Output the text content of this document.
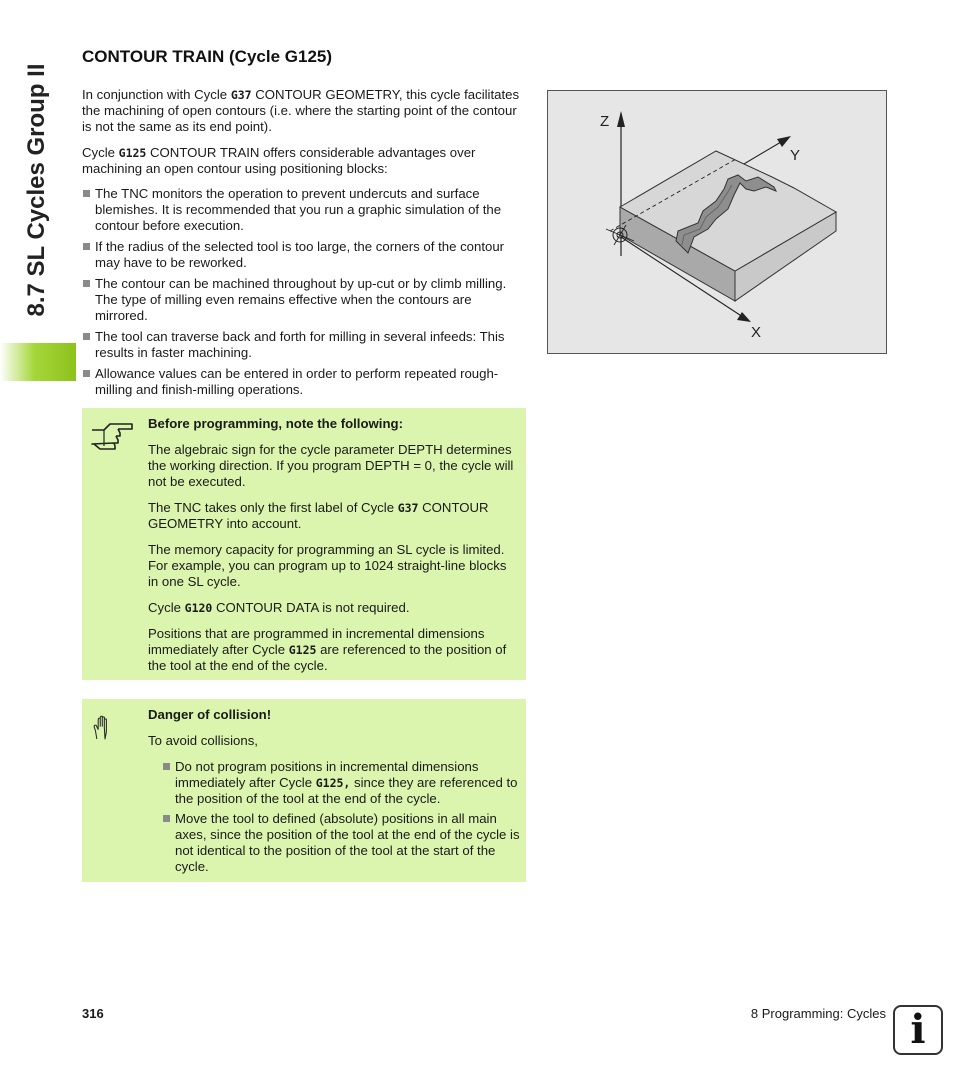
8.7 SL Cycles Group II
CONTOUR TRAIN (Cycle G125)

In conjunction with Cycle G37 CONTOUR GEOMETRY, this cycle facilitates the machining of open contours (i.e. where the starting point of the contour is not the same as its end point).

Cycle G125 CONTOUR TRAIN offers considerable advantages over machining an open contour using positioning blocks:

The TNC monitors the operation to prevent undercuts and surface blemishes. It is recommended that you run a graphic simulation of the contour before execution.
If the radius of the selected tool is too large, the corners of the contour may have to be reworked.
The contour can be machined throughout by up-cut or by climb milling. The type of milling even remains effective when the contours are mirrored.
The tool can traverse back and forth for milling in several infeeds: This results in faster machining.
Allowance values can be entered in order to perform repeated rough-milling and finish-milling operations.
Z
Y
X

Before programming, note the following:

The algebraic sign for the cycle parameter DEPTH determines the working direction. If you program DEPTH = 0, the cycle will not be executed.

The TNC takes only the first label of Cycle G37 CONTOUR GEOMETRY into account.

The memory capacity for programming an SL cycle is limited. For example, you can program up to 1024 straight-line blocks in one SL cycle.

Cycle G120 CONTOUR DATA is not required.

Positions that are programmed in incremental dimensions immediately after Cycle G125 are referenced to the position of the tool at the end of the cycle.

Danger of collision!

To avoid collisions,

Do not program positions in incremental dimensions immediately after Cycle G125, since they are referenced to the position of the tool at the end of the cycle.
Move the tool to defined (absolute) positions in all main axes, since the position of the tool at the end of the cycle is not identical to the position of the tool at the start of the cycle.
316	8 Programming: Cycles i
